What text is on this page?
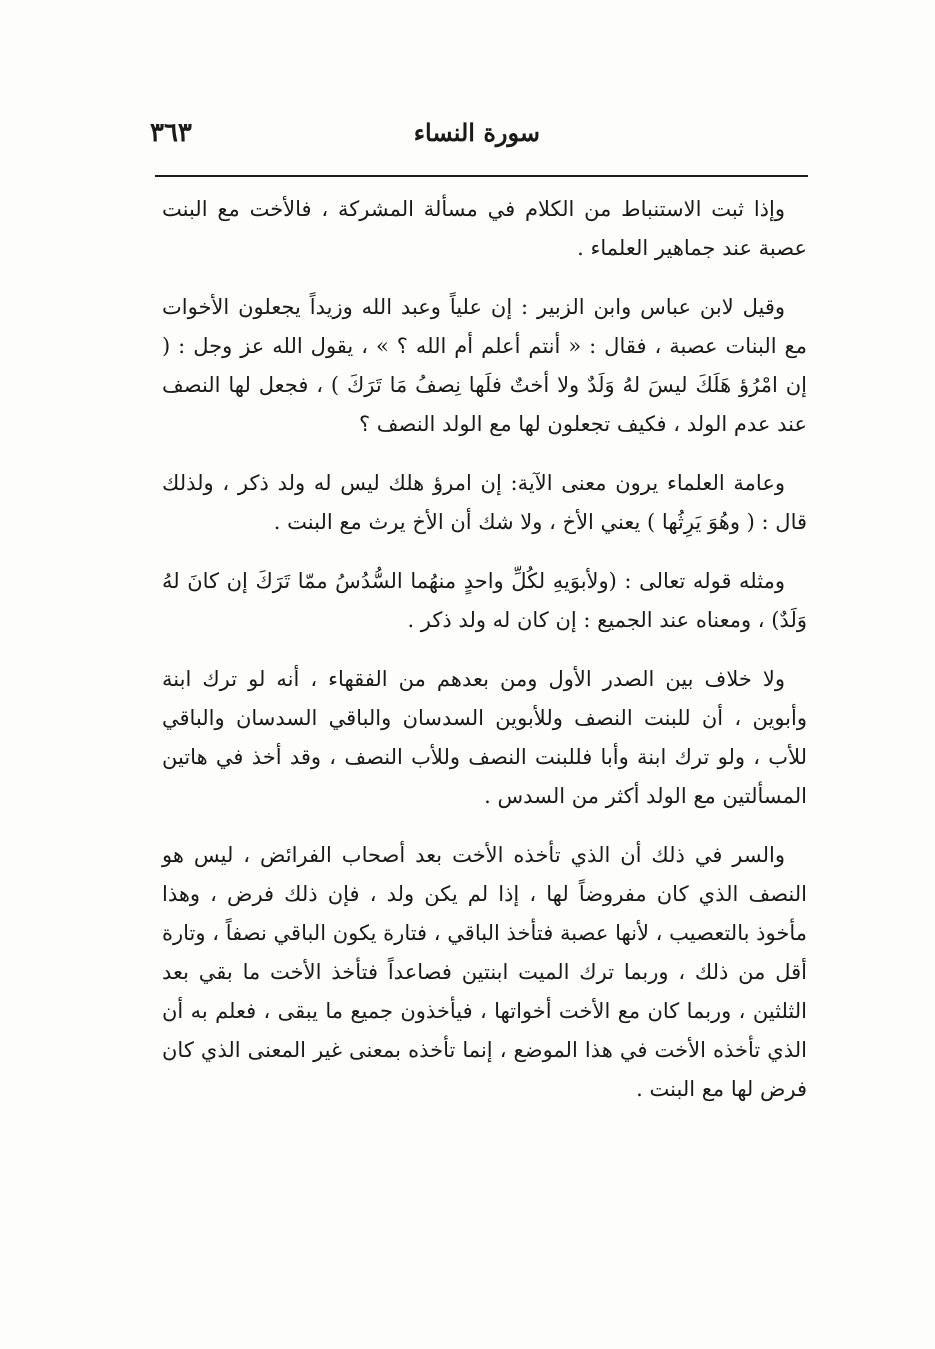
سورة النساء
٣٦٣

وإذا ثبت الاستنباط من الكلام في مسألة المشركة ، فالأخت مع البنت عصبة عند جماهير العلماء .

وقيل لابن عباس وابن الزبير : إن علياً وعبد الله وزيداً يجعلون الأخوات مع البنات عصبة ، فقال : « أنتم أعلم أم الله ؟ » ، يقول الله عز وجل : ( إن امْرُؤ هَلَكَ ليسَ لهُ وَلَدٌ ولا أختٌ فلَها نِصفُ مَا تَرَكَ ) ، فجعل لها النصف عند عدم الولد ، فكيف تجعلون لها مع الولد النصف ؟

وعامة العلماء يرون معنى الآية: إن امرؤ هلك ليس له ولد ذكر ، ولذلك قال : ( وهُوَ يَرِثُها ) يعني الأخ ، ولا شك أن الأخ يرث مع البنت .

ومثله قوله تعالى : (ولأبوَيهِ لكُلِّ واحدٍ منهُما السُّدُسُ ممّا تَرَكَ إن كانَ لهُ وَلَدٌ) ، ومعناه عند الجميع : إن كان له ولد ذكر .

ولا خلاف بين الصدر الأول ومن بعدهم من الفقهاء ، أنه لو ترك ابنة وأبوين ، أن للبنت النصف وللأبوين السدسان والباقي السدسان والباقي للأب ، ولو ترك ابنة وأبا فللبنت النصف وللأب النصف ، وقد أخذ في هاتين المسألتين مع الولد أكثر من السدس .

والسر في ذلك أن الذي تأخذه الأخت بعد أصحاب الفرائض ، ليس هو النصف الذي كان مفروضاً لها ، إذا لم يكن ولد ، فإن ذلك فرض ، وهذا مأخوذ بالتعصيب ، لأنها عصبة فتأخذ الباقي ، فتارة يكون الباقي نصفاً ، وتارة أقل من ذلك ، وربما ترك الميت ابنتين فصاعداً فتأخذ الأخت ما بقي بعد الثلثين ، وربما كان مع الأخت أخواتها ، فيأخذون جميع ما يبقى ، فعلم به أن الذي تأخذه الأخت في هذا الموضع ، إنما تأخذه بمعنى غير المعنى الذي كان فرض لها مع البنت .
